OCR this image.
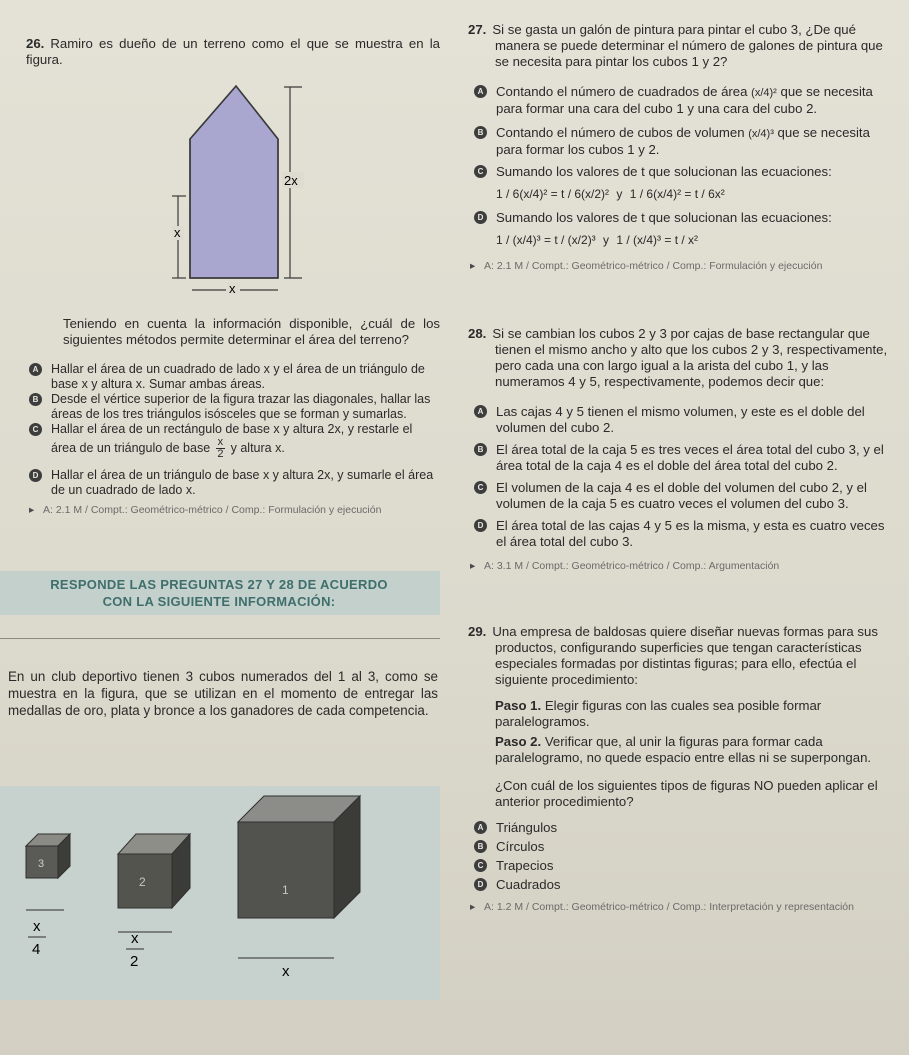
26. Ramiro es dueño de un terreno como el que se muestra en la figura.

2x
x
x

Teniendo en cuenta la información disponible, ¿cuál de los siguientes métodos permite determinar el área del terreno?

A Hallar el área de un cuadrado de lado x y el área de un triángulo de base x y altura x. Sumar ambas áreas.
B Desde el vértice superior de la figura trazar las diagonales, hallar las áreas de los tres triángulos isósceles que se forman y sumarlas.
C Hallar el área de un rectángulo de base x y altura 2x, y restarle el área de un triángulo de base $\frac{x}{2}$ y altura x.
D Hallar el área de un triángulo de base x y altura 2x, y sumarle el área de un cuadrado de lado x.
▸ A: 2.1 M / Compt.: Geométrico-métrico / Comp.: Formulación y ejecución
RESPONDE LAS PREGUNTAS 27 Y 28 DE ACUERDO
CON LA SIGUIENTE INFORMACIÓN:
En un club deportivo tienen 3 cubos numerados del 1 al 3, como se muestra en la figura, que se utilizan en el momento de entregar las medallas de oro, plata y bronce a los ganadores de cada competencia.
3
2
1
x
4
x
2
x

27. Si se gasta un galón de pintura para pintar el cubo 3, ¿De qué manera se puede determinar el número de galones de pintura que se necesita para pintar los cubos 1 y 2?

A Contando el número de cuadrados de área (x/4)² que se necesita para formar una cara del cubo 1 y una cara del cubo 2.
B Contando el número de cubos de volumen (x/4)³ que se necesita para formar los cubos 1 y 2.
C Sumando los valores de t que solucionan las ecuaciones:
1 / 6(x/4)² = t / 6(x/2)² y 1 / 6(x/4)² = t / 6x²
D Sumando los valores de t que solucionan las ecuaciones:
1 / (x/4)³ = t / (x/2)³ y 1 / (x/4)³ = t / x²
▸ A: 2.1 M / Compt.: Geométrico-métrico / Comp.: Formulación y ejecución

28. Si se cambian los cubos 2 y 3 por cajas de base rectangular que tienen el mismo ancho y alto que los cubos 2 y 3, respectivamente, pero cada una con largo igual a la arista del cubo 1, y las numeramos 4 y 5, respectivamente, podemos decir que:

A Las cajas 4 y 5 tienen el mismo volumen, y este es el doble del volumen del cubo 2.
B El área total de la caja 5 es tres veces el área total del cubo 3, y el área total de la caja 4 es el doble del área total del cubo 2.
C El volumen de la caja 4 es el doble del volumen del cubo 2, y el volumen de la caja 5 es cuatro veces el volumen del cubo 3.
D El área total de las cajas 4 y 5 es la misma, y esta es cuatro veces el área total del cubo 3.
▸ A: 3.1 M / Compt.: Geométrico-métrico / Comp.: Argumentación

29. Una empresa de baldosas quiere diseñar nuevas formas para sus productos, configurando superficies que tengan características especiales formadas por distintas figuras; para ello, efectúa el siguiente procedimiento:

Paso 1. Elegir figuras con las cuales sea posible formar paralelogramos.

Paso 2. Verificar que, al unir la figuras para formar cada paralelogramo, no quede espacio entre ellas ni se superpongan.

¿Con cuál de los siguientes tipos de figuras NO pueden aplicar el anterior procedimiento?

A Triángulos
B Círculos
C Trapecios
D Cuadrados
▸ A: 1.2 M / Compt.: Geométrico-métrico / Comp.: Interpretación y representación
